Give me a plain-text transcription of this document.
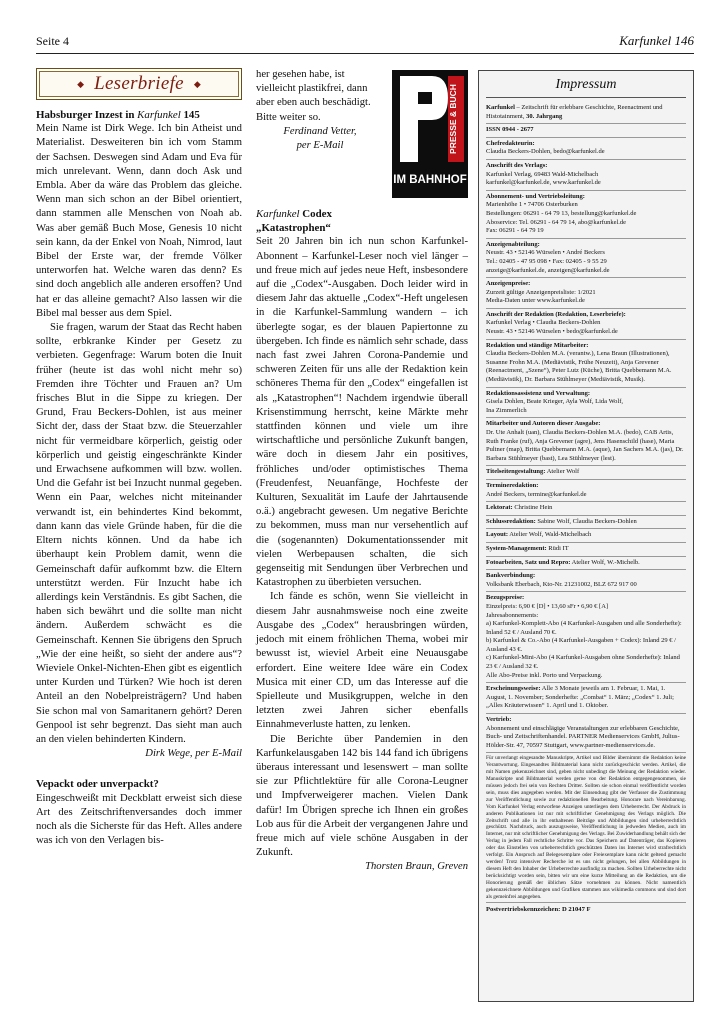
Seite 4	Karfunkel 146
◆ Leserbriefe ◆

Habsburger Inzest in Karfunkel 145

Mein Name ist Dirk Wege. Ich bin Atheist und Materialist. Desweiteren bin ich vom Stamm der Sachsen. Deswegen sind Adam und Eva für mich unrelevant. Wenn, dann doch Ask und Embla. Aber da wäre das Problem das gleiche. Wenn man sich schon an der Bibel orientiert, dann stammen alle Menschen von Noah ab. Was aber gemäß Buch Mose, Genesis 10 nicht sein kann, da der Enkel von Noah, Nimrod, laut Bibel der Erste war, der fremde Völker unterworfen hat. Welche waren das denn? Es sind doch angeblich alle anderen ersoffen? Und hat er das alleine gemacht? Also lassen wir die Bibel mal besser aus dem Spiel.

Sie fragen, warum der Staat das Recht haben sollte, erbkranke Kinder per Gesetz zu verbieten. Gegenfrage: Warum boten die Inuit früher (heute ist das wohl nicht mehr so) Fremden ihre Töchter und Frauen an? Um frisches Blut in die Sippe zu kriegen. Der Grund, Frau Beckers-Dohlen, ist aus meiner Sicht der, dass der Staat bzw. die Steuerzahler nicht für vermeidbare körperlich, geistig oder körperlich und geistig eingeschränkte Kinder und Erwachsene aufkommen will bzw. wollen. Und die Gefahr ist bei Inzucht nunmal gegeben. Wenn ein Paar, welches nicht miteinander verwandt ist, ein behindertes Kind bekommt, dann kann das viele Gründe haben, für die die Eltern nichts können. Und da habe ich überhaupt kein Problem damit, wenn die Gemeinschaft dafür aufkommt bzw. die Eltern unterstützt werden. Für Inzucht habe ich allerdings kein Verständnis. Es gibt Sachen, die haben sich bewährt und die sollte man nicht ändern. Außerdem schwächt es die Gemeinschaft. Kennen Sie übrigens den Spruch „Wie der eine heißt, so sieht der andere aus“? Wieviele Onkel-Nichten-Ehen gibt es eigentlich unter Kurden und Türken? Wie hoch ist deren Anteil an den Nobelpreisträgern? Und haben Sie schon mal von Samaritanern gehört? Deren Genpool ist sehr begrenzt. Das sieht man auch an den vielen behinderten Kindern.

Dirk Wege, per E-Mail

Vepackt oder unverpackt?

Eingeschweißt mit Deckblatt erweist sich diese Art des Zeitschriftenversandes doch immer noch als die Sicherste für das Heft. Alles andere was ich von den Verlagen bis-

her gesehen habe, ist vielleicht plastikfrei, dann aber eben auch beschädigt. Bitte weiter so.

Ferdinand Vetter,

per E-Mail	PRESSE & BUCH
IM BAHNHOF

Karfunkel Codex

„Katastrophen“

Seit 20 Jahren bin ich nun schon Karfunkel-Abonnent – Karfunkel-Leser noch viel länger – und freue mich auf jedes neue Heft, insbesondere auf die „Codex“-Ausgaben. Doch leider wird in diesem Jahr das aktuelle „Codex“-Heft ungelesen in die Karfunkel-Sammlung wandern – ich überlegte sogar, es der blauen Papiertonne zu übergeben. Ich finde es nämlich sehr schade, dass nach fast zwei Jahren Corona-Pandemie und schweren Zeiten für uns alle der Redaktion kein schöneres Thema für den „Codex“ eingefallen ist als „Katastrophen“! Nachdem irgendwie überall Krisenstimmung herrscht, keine Märkte mehr stattfinden können und viele um ihre wirtschaftliche und persönliche Zukunft bangen, wäre doch in diesem Jahr ein positives, fröhliches und/oder optimistisches Thema (Freudenfest, Neuanfänge, Hochfeste der Kulturen, Sexualität im Laufe der Jahrtausende o.ä.) angebracht gewesen. Um negative Berichte zu bekommen, muss man nur versehentlich auf die (sogenannten) Dokumentationssender mit vielen Werbepausen schalten, die sich gegenseitig mit Sendungen über Verbrechen und Katastrophen zu überbieten versuchen.

Ich fände es schön, wenn Sie vielleicht in diesem Jahr ausnahmsweise noch eine zweite Ausgabe des „Codex“ herausbringen würden, jedoch mit einem fröhlichen Thema, wobei mir bewusst ist, wieviel Arbeit eine Neuausgabe erfordert. Eine weitere Idee wäre ein Codex Musica mit einer CD, um das Interesse auf die Spielleute und Musikgruppen, welche in den letzten zwei Jahren sicher ebenfalls Einnahmeverluste hatten, zu lenken.

Die Berichte über Pandemien in den Karfunkelausgaben 142 bis 144 fand ich übrigens überaus interessant und lesenswert – man sollte sie zur Pflichtlektüre für alle Corona-Leugner und Impfverweigerer machen. Vielen Dank dafür! Im Übrigen spreche ich Ihnen ein großes Lob aus für die Arbeit der vergangenen Jahre und freue mich auf viele schöne Ausgaben in der Zukunft.

Thorsten Braun, Greven

Impressum

Karfunkel – Zeitschrift für erlebbare Geschichte, Reenactment und Histotainment, 30. Jahrgang

ISSN 0944 - 2677

Chefredakteurin:
Claudia Beckers-Dohlen, bedo@karfunkel.de

Anschrift des Verlags:
Karfunkel Verlag, 69483 Wald-Michelbach
karfunkel@karfunkel.de, www.karfunkel.de

Abonnement- und Vertriebsleitung:
Marienhöhe 1 • 74706 Osterburken
Bestellungen: 06291 - 64 79 13, bestellung@karfunkel.de
Aboservice: Tel. 06291 - 64 79 14, abo@karfunkel.de
Fax: 06291 - 64 79 19

Anzeigenabteilung:
Neustr. 43 • 52146 Würselen • André Beckers
Tel.: 02405 - 47 95 098 • Fax: 02405 - 9 55 29
anzeige@karfunkel.de, anzeigen@karfunkel.de

Anzeigenpreise:
Zurzeit gültige Anzeigenpreisliste: 1/2021
Media-Daten unter www.karfunkel.de

Anschrift der Redaktion (Redaktion, Leserbriefe):
Karfunkel Verlag • Claudia Beckers-Dohlen
Neustr. 43 • 52146 Würselen • bedo@karfunkel.de

Redaktion und ständige Mitarbeiter:
Claudia Beckers-Dohlen M.A. (verantw.), Lena Braun (Illustrationen), Susanne Frohn M.A. (Mediävistik, Frühe Neuzeit), Anja Grevener (Reenactment, „Szene“), Peter Lutz (Küche), Britta Quebbemann M.A. (Mediävistik), Dr. Barbara Stühlmeyer (Mediävistik, Musik).

Redaktionsassistenz und Verwaltung:
Gisela Dohlen, Beate Krieger, Ayla Wolf, Lida Wolf,
Ina Zimmerlich

Mitarbeiter und Autoren dieser Ausgabe:
Dr. Ute Anhalt (uan), Claudia Beckers-Dohlen M.A. (bedo), CAB Artis, Ruth Franke (ruf), Anja Grevener (agre), Jens Hasenschild (hase), Maria Pultner (map), Britta Quebbemann M.A. (aque), Jan Sachers M.A. (jas), Dr. Barbara Stühlmeyer (bast), Lea Stühlmeyer (lest).

Titelseitengestaltung: Atelier Wolf

Termineredaktion:
André Beckers, termine@karfunkel.de

Lektorat: Christine Hein

Schlussredaktion: Sabine Wolf, Claudia Beckers-Dohlen

Layout: Atelier Wolf, Wald-Michelbach

System-Management: Rüdi IT

Fotoarbeiten, Satz und Repro: Atelier Wolf, W.-Michelb.

Bankverbindung:
Volksbank Eberbach, Kto-Nr. 21231002, BLZ 672 917 00

Bezugspreise:
Einzelpreis: 6,90 € [D] • 13,60 sFr • 6,90 € [A]
Jahresabonnements:
a) Karfunkel-Komplett-Abo (4 Karfunkel-Ausgaben und alle Sonderhefte): Inland 52 € / Ausland 70 €.
b) Karfunkel & Co.-Abo (4 Karfunkel-Ausgaben + Codex): Inland 29 € / Ausland 43 €.
c) Karfunkel-Mini-Abo (4 Karfunkel-Ausgaben ohne Sonderhefte): Inland 23 € / Ausland 32 €.
Alle Abo-Preise inkl. Porto und Verpackung.

Erscheinungsweise: Alle 3 Monate jeweils am 1. Februar, 1. Mai, 1. August, 1. November; Sonderhefte: „Combat“ 1. März; „Codex“ 1. Juli; „Alles Kräuterwissen“ 1. April und 1. Oktober.

Vertrieb:
Abonnement und einschlägige Veranstaltungen zur erlebbaren Geschichte, Buch- und Zeitschriftenhandel. PARTNER Medienservices GmbH, Julius-Hölder-Str. 47, 70597 Stuttgart, www.partner-medienservices.de.

Für unverlangt eingesandte Manuskripte, Artikel und Bilder übernimmt die Redaktion keine Verantwortung. Eingesandtes Bildmaterial kann nicht zurückgeschickt werden. Artikel, die mit Namen gekennzeichnet sind, geben nicht unbedingt die Meinung der Redaktion wieder. Manuskripte und Bildmaterial werden gerne von der Redaktion entgegengenommen, sie müssen jedoch frei sein von Rechten Dritter. Sollten sie schon einmal veröffentlicht worden sein, muss dies angegeben werden. Mit der Einsendung gibt der Verfasser die Zustimmung zur Veröffentlichung sowie zur redaktionellen Bearbeitung. Honorare nach Vereinbarung. Vom Karfunkel Verlag entworfene Anzeigen unterliegen dem Urheberrecht. Der Abdruck in anderen Publikationen ist nur mit schriftlicher Genehmigung des Verlags möglich. Die Zeitschrift und alle in ihr enthaltenen Beiträge und Abbildungen sind urheberrechtlich geschützt. Nachdruck, auch auszugsweise, Veröffentlichung in jedweden Medien, auch im Internet, nur mit schriftlicher Genehmigung des Verlags. Bei Zuwiderhandlung behält sich der Verlag in jedem Fall rechtliche Schritte vor. Das Speichern auf Datenträger, das Kopieren oder das Einstellen von urheberrechtlich geschützten Daten ins Internet wird strafrechtlich verfolgt. Ein Anspruch auf Belegexemplare oder Freiexemplare kann nicht geltend gemacht werden! Trotz intensiver Recherche ist es uns nicht gelungen, bei allen Abbildungen in diesem Heft den Inhaber der Urheberrechte ausfindig zu machen. Sollten Urheberrechte nicht berücksichtigt worden sein, bitten wir um eine kurze Mitteilung an die Redaktion, um die Honorierung gemäß der üblichen Sätze vornehmen zu können. Nicht namentlich gekennzeichnete Abbildungen und Grafiken stammen aus wikimedia commons und sind dort als gemeinfrei angegeben.

Postvertriebskennzeichen: D 21047 F
